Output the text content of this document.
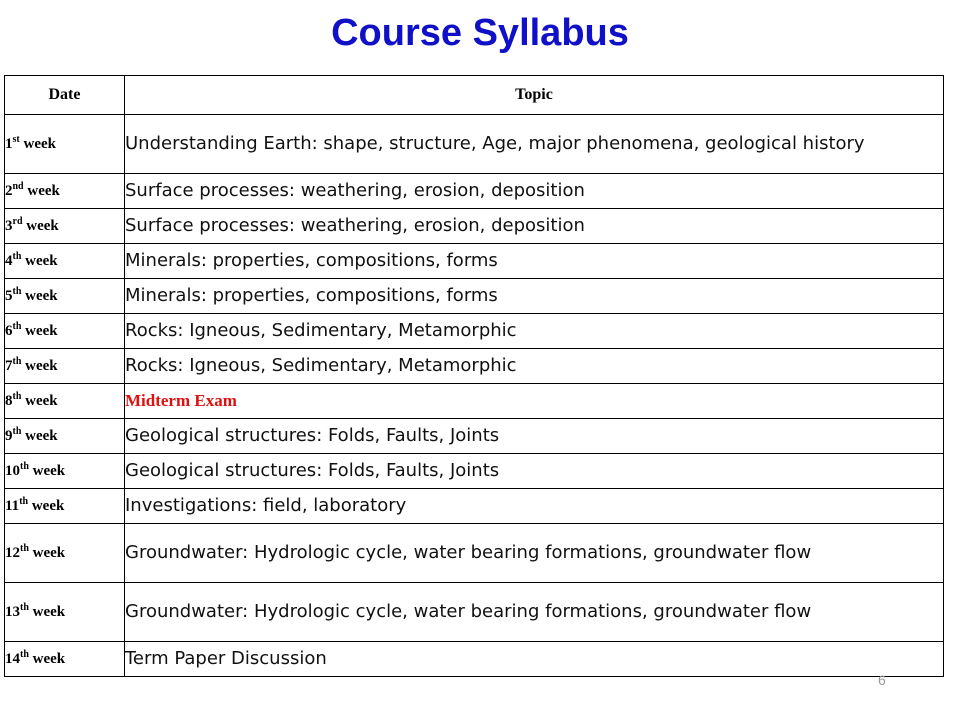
Course Syllabus
Date	Topic
1st week	Understanding Earth: shape, structure, Age, major phenomena, geological history

2nd week	Surface processes: weathering, erosion, deposition
3rd week	Surface processes: weathering, erosion, deposition
4th week	Minerals: properties, compositions, forms
5th week	Minerals: properties, compositions, forms
6th week	Rocks: Igneous, Sedimentary, Metamorphic
7th week	Rocks: Igneous, Sedimentary, Metamorphic
8th week	Midterm Exam
9th week	Geological structures: Folds, Faults, Joints
10th week	Geological structures: Folds, Faults, Joints
11th week	Investigations: field, laboratory
12th week	Groundwater: Hydrologic cycle, water bearing formations, groundwater flow

13th week	Groundwater: Hydrologic cycle, water bearing formations, groundwater flow

14th week	Term Paper Discussion
6
